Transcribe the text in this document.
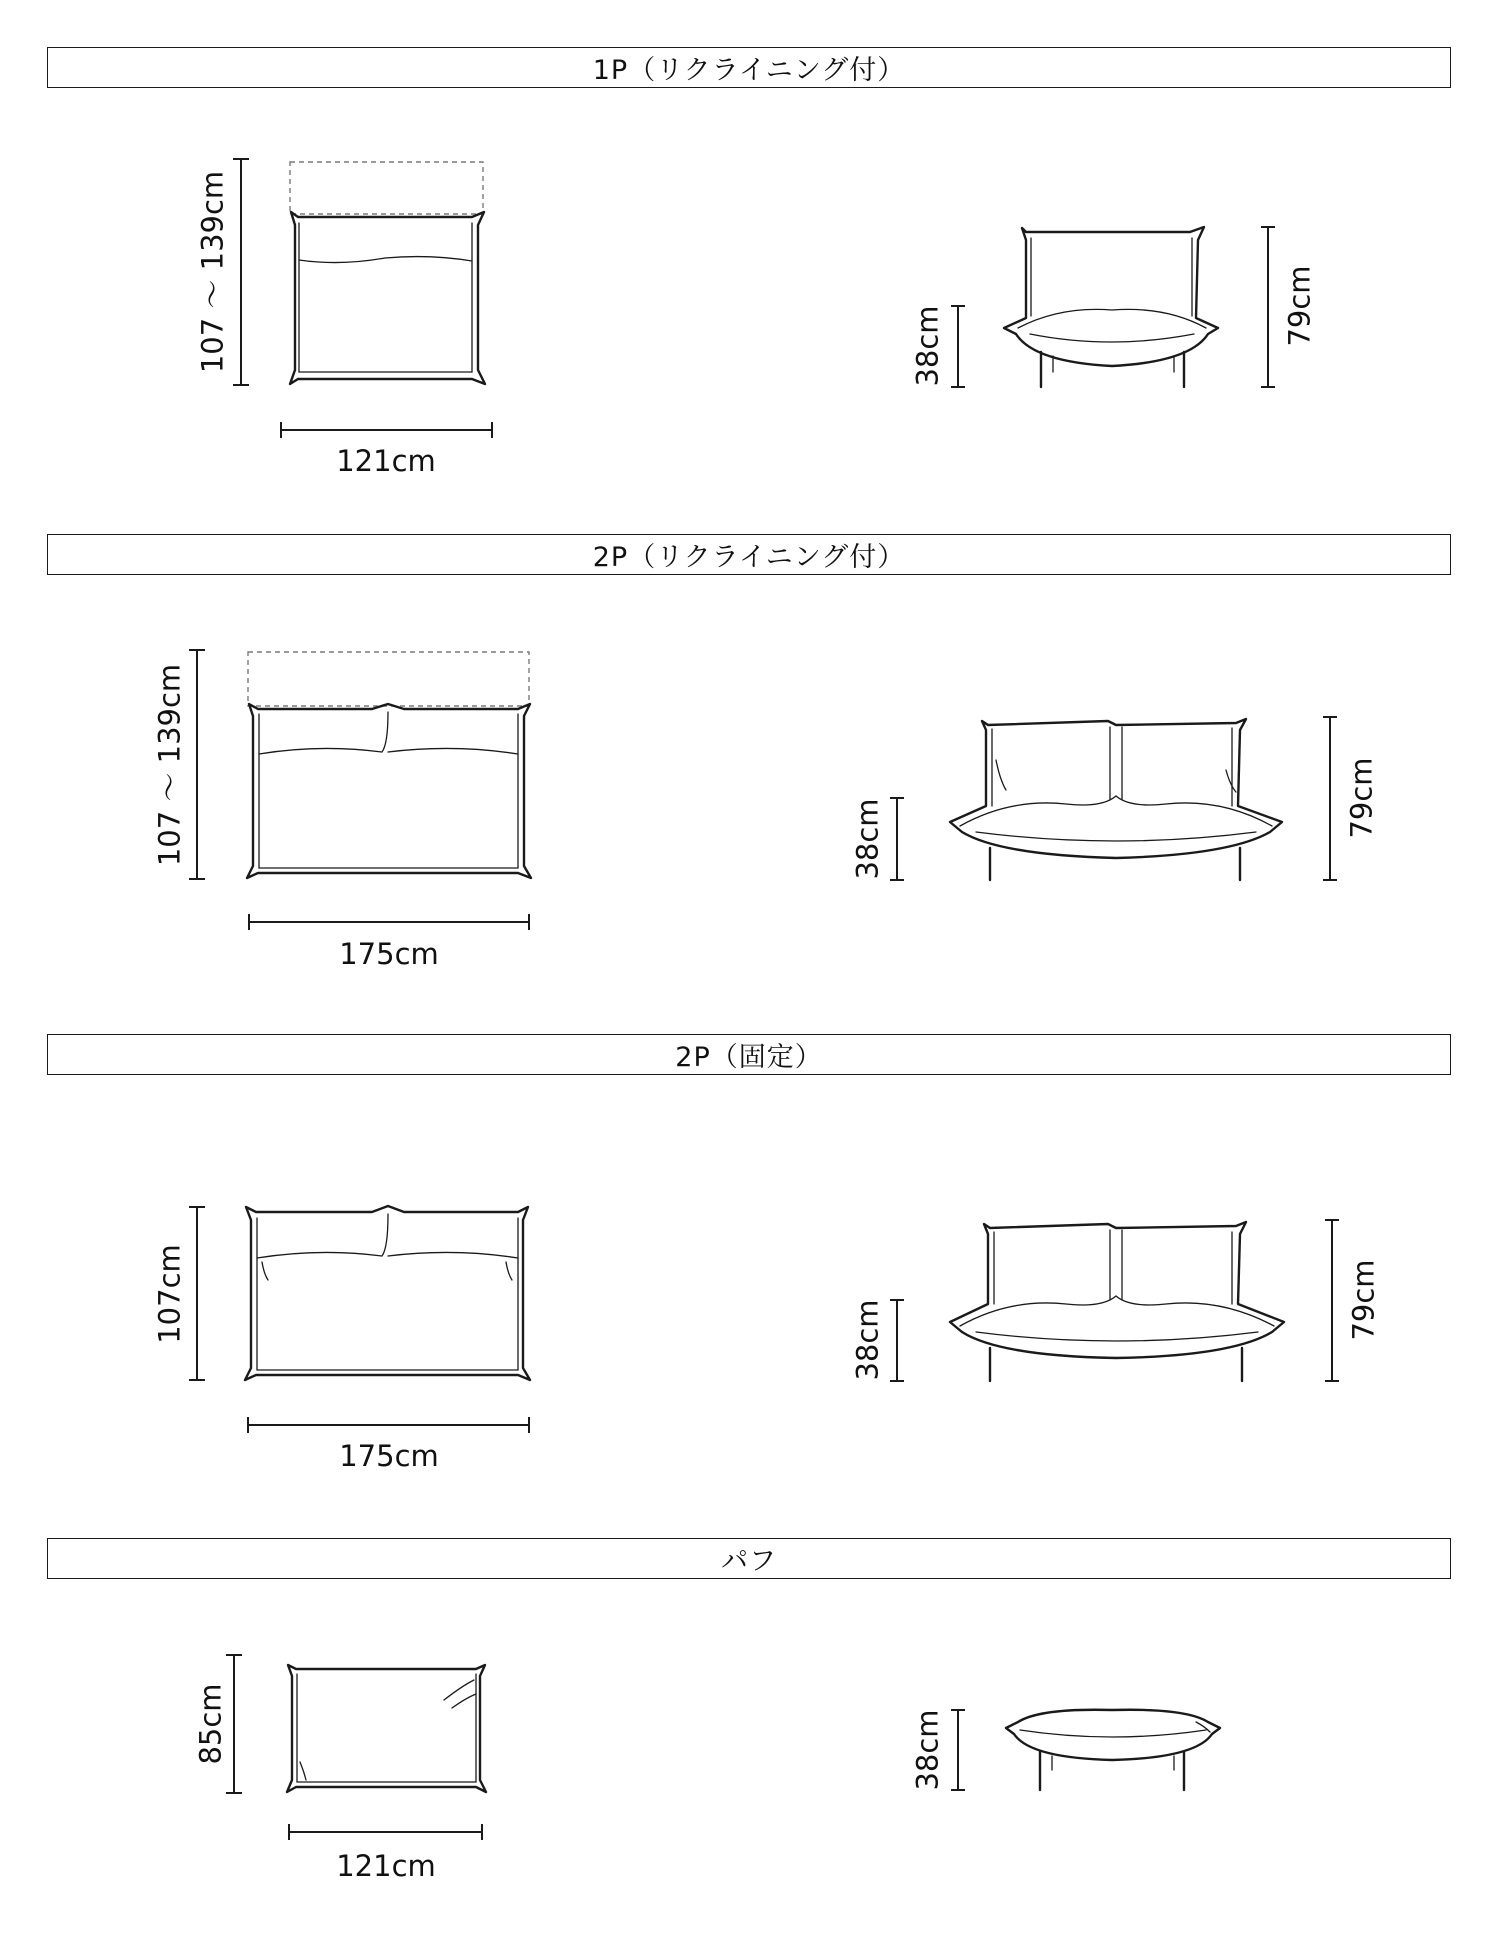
1P（リクライニング付）
2P（リクライニング付）
2P（固定）
パフ
107 ～ 139cm
121cm
38cm	79cm
107 ～ 139cm
175cm
38cm
79cm
107cm
175cm
38cm	79cm
85cm
121cm
38cm
